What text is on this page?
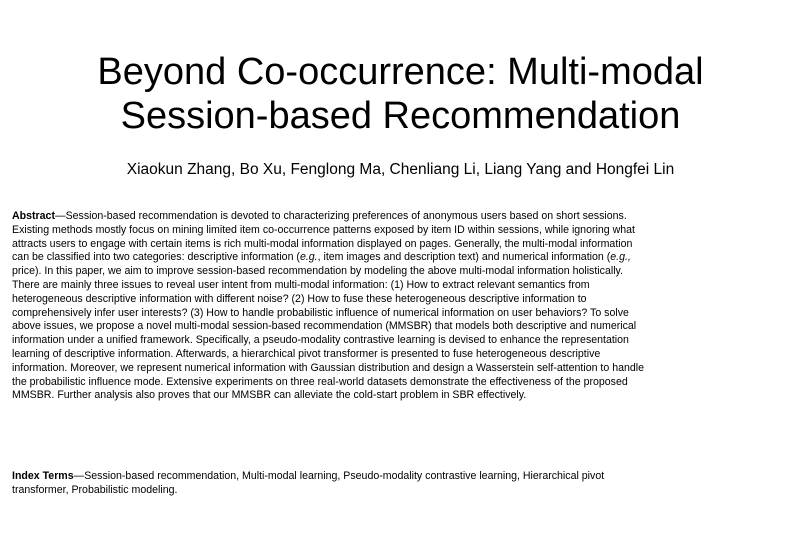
Beyond Co-occurrence: Multi-modal
Session-based Recommendation
Xiaokun Zhang, Bo Xu, Fenglong Ma, Chenliang Li, Liang Yang and Hongfei Lin
Abstract—Session-based recommendation is devoted to characterizing preferences of anonymous users based on short sessions.
Existing methods mostly focus on mining limited item co-occurrence patterns exposed by item ID within sessions, while ignoring what
attracts users to engage with certain items is rich multi-modal information displayed on pages. Generally, the multi-modal information
can be classified into two categories: descriptive information (e.g., item images and description text) and numerical information (e.g.,
price). In this paper, we aim to improve session-based recommendation by modeling the above multi-modal information holistically.
There are mainly three issues to reveal user intent from multi-modal information: (1) How to extract relevant semantics from
heterogeneous descriptive information with different noise? (2) How to fuse these heterogeneous descriptive information to
comprehensively infer user interests? (3) How to handle probabilistic influence of numerical information on user behaviors? To solve
above issues, we propose a novel multi-modal session-based recommendation (MMSBR) that models both descriptive and numerical
information under a unified framework. Specifically, a pseudo-modality contrastive learning is devised to enhance the representation
learning of descriptive information. Afterwards, a hierarchical pivot transformer is presented to fuse heterogeneous descriptive
information. Moreover, we represent numerical information with Gaussian distribution and design a Wasserstein self-attention to handle
the probabilistic influence mode. Extensive experiments on three real-world datasets demonstrate the effectiveness of the proposed
MMSBR. Further analysis also proves that our MMSBR can alleviate the cold-start problem in SBR effectively.
Index Terms—Session-based recommendation, Multi-modal learning, Pseudo-modality contrastive learning, Hierarchical pivot
transformer, Probabilistic modeling.
